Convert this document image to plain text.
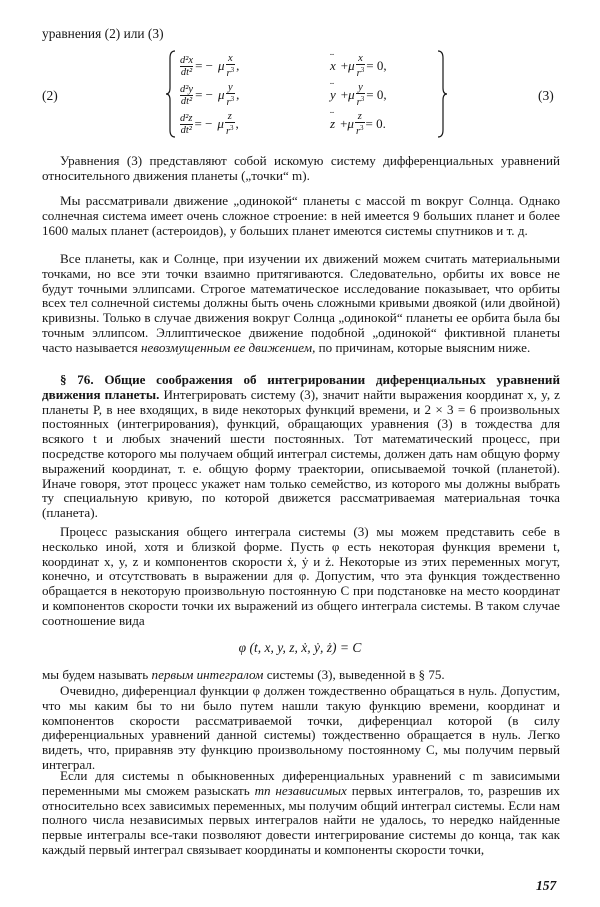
уравнения (2) или (3)
(2)
$\frac{\text{d²x}}{\text{dt²}}$ = − μ $\frac{x}{r^3}$ ,
$\frac{\text{d²y}}{\text{dt²}}$ = − μ $\frac{y}{r^3}$ ,
$\frac{\text{d²z}}{\text{dt²}}$ = − μ $\frac{z}{r^3}$ ,
¨ x + μ $\frac{x}{r^3} = 0$,
¨ y + μ $\frac{y}{r^3} = 0$,
¨ z + μ $\frac{z}{r^3} = 0$.
(3)

Уравнения (3) представляют собой искомую систему дифференциальных уравнений относительного движения планеты („точки“ m).

Мы рассматривали движение „одинокой“ планеты с массой m вокруг Солнца. Однако солнечная система имеет очень сложное строение: в ней имеется 9 больших планет и более 1600 малых планет (астероидов), у больших планет имеются системы спутников и т. д.

Все планеты, как и Солнце, при изучении их движений можем считать материальными точками, но все эти точки взаимно притягиваются. Следовательно, орбиты их вовсе не будут точными эллипсами. Строгое математическое исследование показывает, что орбиты всех тел солнечной системы должны быть очень сложными кривыми двоякой (или двойной) кривизны. Только в случае движения вокруг Солнца „одинокой“ планеты ее орбита была бы точным эллипсом. Эллиптическое движение подобной „одинокой“ фиктивной планеты часто называется невозмущенным ее движением, по причинам, которые выясним ниже.

§ 76. Общие соображения об интегрировании диференциальных уравнений движения планеты. Интегрировать систему (3), значит найти выражения координат x, y, z планеты P, в нее входящих, в виде некоторых функций времени, и 2 × 3 = 6 произвольных постоянных (интегрирования), функций, обращающих уравнения (3) в тождества для всякого t и любых значений шести постоянных. Тот математический процесс, при посредстве которого мы получаем общий интеграл системы, должен дать нам общую форму выражений координат, т. е. общую форму траектории, описываемой точкой (планетой). Иначе говоря, этот процесс укажет нам только семейство, из которого мы должны выбрать ту специальную кривую, по которой движется рассматриваемая материальная точка (планета).

Процесс разыскания общего интеграла системы (3) мы можем представить себе в несколько иной, хотя и близкой форме. Пусть φ есть некоторая функция времени t, координат x, y, z и компонентов скорости ẋ, ẏ и ż. Некоторые из этих переменных могут, конечно, и отсутствовать в выражении для φ. Допустим, что эта функция тождественно обращается в некоторую произвольную постоянную C при подстановке на место координат и компонентов скорости точки их выражений из общего интеграла системы. В таком случае соотношение вида

φ (t, x, y, z, ẋ, ẏ, ż) = C

мы будем называть первым интегралом системы (3), выведенной в § 75.

Очевидно, диференциал функции φ должен тождественно обращаться в нуль. Допустим, что мы каким бы то ни было путем нашли такую функцию времени, координат и компонентов скорости рассматриваемой точки, диференциал которой (в силу диференциальных уравнений данной системы) тождественно обращается в нуль. Легко видеть, что, приравняв эту функцию произвольному постоянному C, мы получим первый интеграл.

Если для системы n обыкновенных диференциальных уравнений с m зависимыми переменными мы сможем разыскать mn независимых первых интегралов, то, разрешив их относительно всех зависимых переменных, мы получим общий интеграл системы. Если нам полного числа независимых первых интегралов найти не удалось, то нередко найденные первые интегралы все-таки позволяют довести интегрирование системы до конца, так как каждый первый интеграл связывает координаты и компоненты скорости точки,

157
